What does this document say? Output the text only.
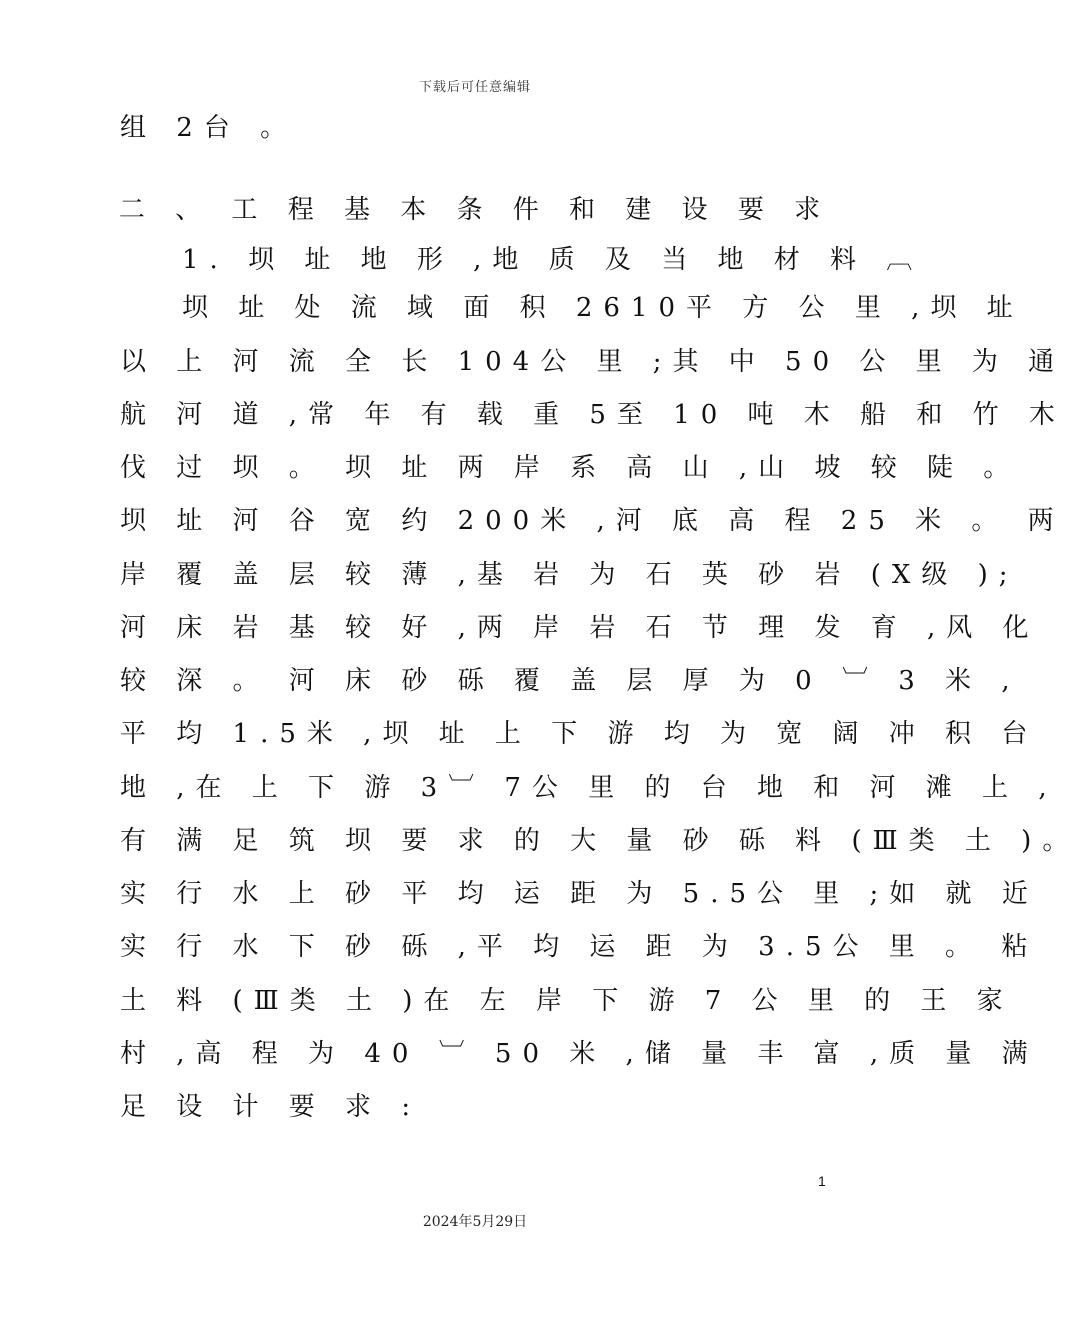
下载后可任意编辑
组 2台 。
二 、 工 程 基 本 条 件 和 建 设 要 求
1. 坝 址 地 形 ,地 质 及 当 地 材 料 ︹
坝 址 处 流 域 面 积 2610平 方 公 里 ,坝 址
以 上 河 流 全 长 104公 里 ;其 中 50 公 里 为 通
航 河 道 ,常 年 有 载 重 5至 10 吨 木 船 和 竹 木
伐 过 坝 。 坝 址 两 岸 系 高 山 ,山 坡 较 陡 。
坝 址 河 谷 宽 约 200米 ,河 底 高 程 25 米 。 两
岸 覆 盖 层 较 薄 ,基 岩 为 石 英 砂 岩 (X级 );
河 床 岩 基 较 好 ,两 岸 岩 石 节 理 发 育 ,风 化
较 深 。 河 床 砂 砾 覆 盖 层 厚 为 0 ︺ 3 米 ,
平 均 1.5米 ,坝 址 上 下 游 均 为 宽 阔 冲 积 台
地 ,在 上 下 游 3︺ 7公 里 的 台 地 和 河 滩 上 ,
有 满 足 筑 坝 要 求 的 大 量 砂 砾 料 (Ⅲ类 土 )。
实 行 水 上 砂 平 均 运 距 为 5.5公 里 ;如 就 近
实 行 水 下 砂 砾 ,平 均 运 距 为 3.5公 里 。 粘
土 料 (Ⅲ类 土 )在 左 岸 下 游 7 公 里 的 王 家
村 ,高 程 为 40 ︺ 50 米 ,储 量 丰 富 ,质 量 满
足 设 计 要 求 :
1
2024年5月29日
